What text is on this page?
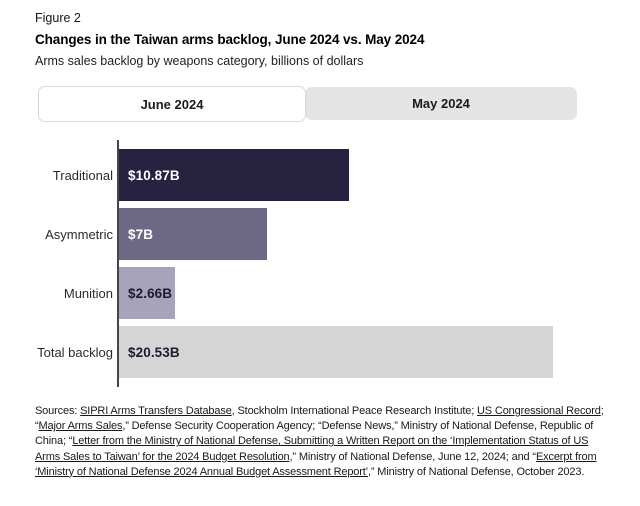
Figure 2
Changes in the Taiwan arms backlog, June 2024 vs. May 2024
Arms sales backlog by weapons category, billions of dollars
June 2024	May 2024
Traditional	$10.87B
Asymmetric	$7B
Munition	$2.66B
Total backlog	$20.53B

Sources: SIPRI Arms Transfers Database, Stockholm International Peace Research Institute; US Congressional Record; “Major Arms Sales,” Defense Security Cooperation Agency; “Defense News,” Ministry of National Defense, Republic of China; “Letter from the Ministry of National Defense, Submitting a Written Report on the ‘Implementation Status of US Arms Sales to Taiwan’ for the 2024 Budget Resolution,” Ministry of National Defense, June 12, 2024; and “Excerpt from ‘Ministry of National Defense 2024 Annual Budget Assessment Report’,” Ministry of National Defense, October 2023.
